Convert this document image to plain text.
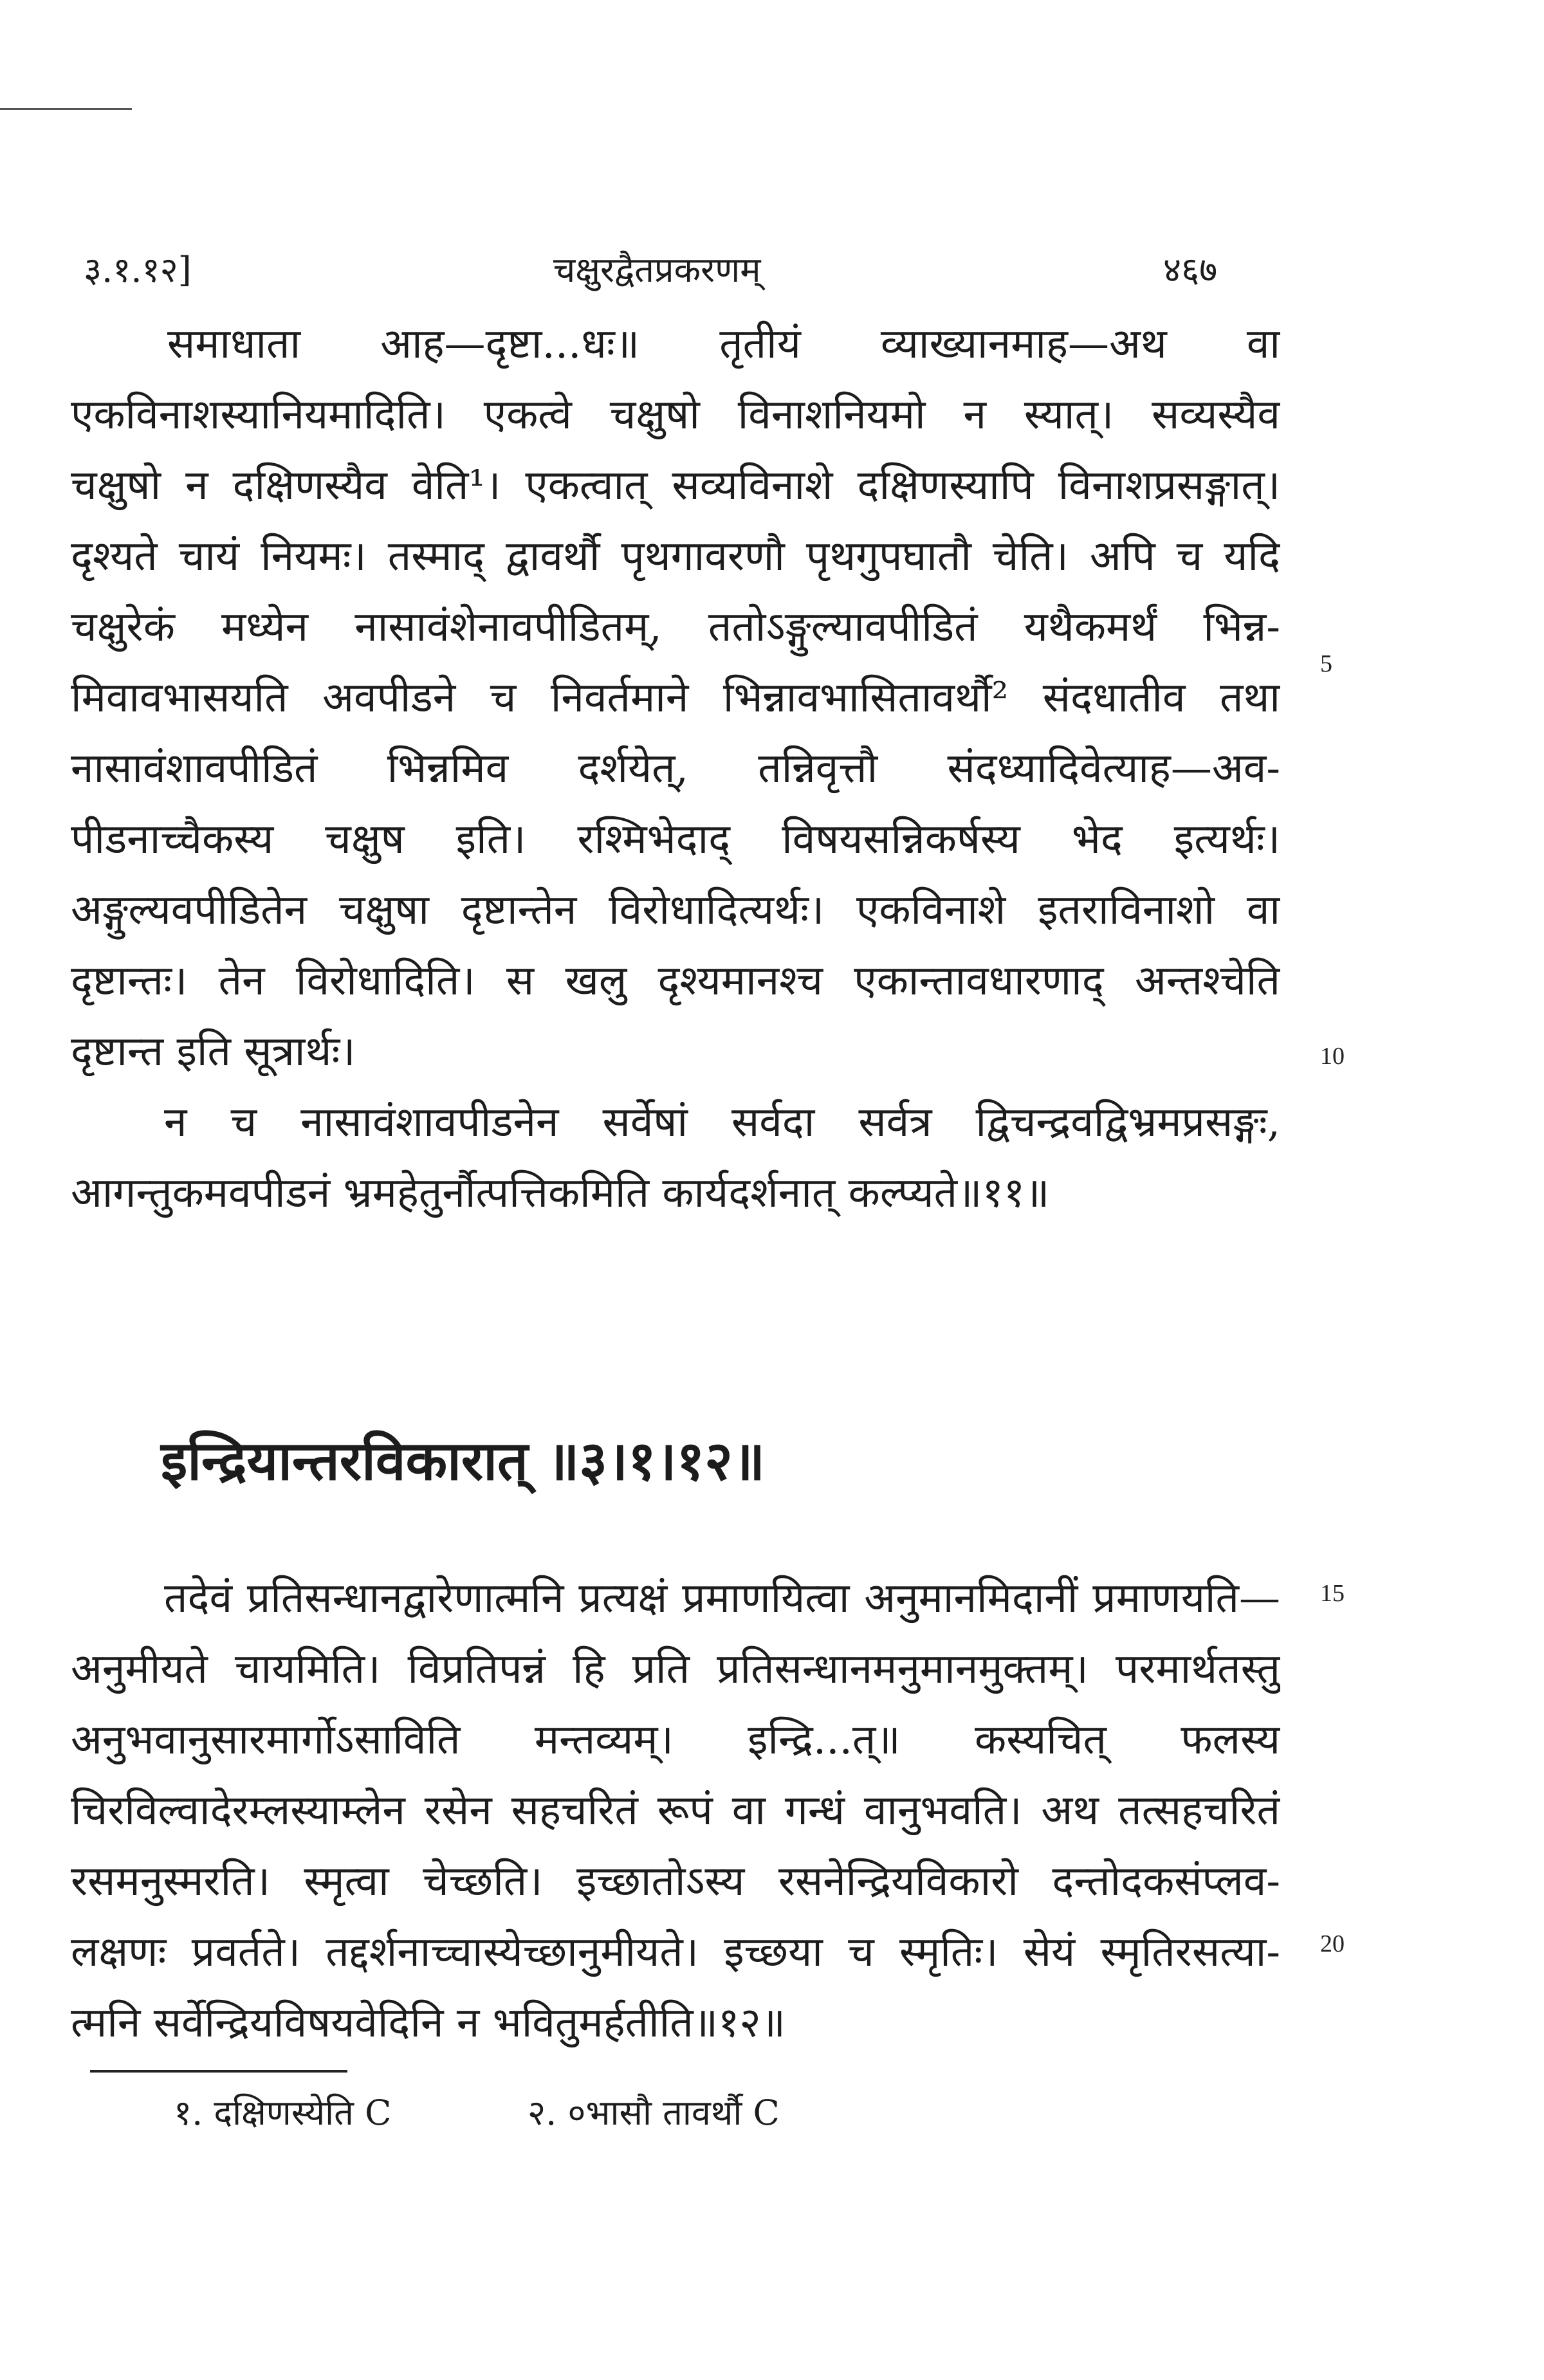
३.१.१२]	चक्षुरद्वैतप्रकरणम्	४६७
समाधाता आह—दृष्टा...धः॥ तृतीयं व्याख्यानमाह—अथ वा
एकविनाशस्यानियमादिति। एकत्वे चक्षुषो विनाशनियमो न स्यात्। सव्यस्यैव
चक्षुषो न दक्षिणस्यैव वेति¹। एकत्वात् सव्यविनाशे दक्षिणस्यापि विनाशप्रसङ्गात्।
दृश्यते चायं नियमः। तस्माद् द्वावर्थौ पृथगावरणौ पृथगुपघातौ चेति। अपि च यदि
चक्षुरेकं मध्येन नासावंशेनावपीडितम्, ततोऽङ्गुल्यावपीडितं यथैकमर्थं भिन्न-
मिवावभासयति अवपीडने च निवर्तमाने भिन्नावभासितावर्थौ² संदधातीव तथा
नासावंशावपीडितं भिन्नमिव दर्शयेत्, तन्निवृत्तौ संदध्यादिवेत्याह—अव-
पीडनाच्चैकस्य चक्षुष इति। रश्मिभेदाद् विषयसन्निकर्षस्य भेद इत्यर्थः।
अङ्गुल्यवपीडितेन चक्षुषा दृष्टान्तेन विरोधादित्यर्थः। एकविनाशे इतराविनाशो वा
दृष्टान्तः। तेन विरोधादिति। स खलु दृश्यमानश्च एकान्तावधारणाद् अन्तश्चेति
दृष्टान्त इति सूत्रार्थः।
न च नासावंशावपीडनेन सर्वेषां सर्वदा सर्वत्र द्विचन्द्रवद्विभ्रमप्रसङ्गः,
आगन्तुकमवपीडनं भ्रमहेतुर्नौत्पत्तिकमिति कार्यदर्शनात् कल्प्यते॥११॥
इन्द्रियान्तरविकारात् ॥३।१।१२॥
तदेवं प्रतिसन्धानद्वारेणात्मनि प्रत्यक्षं प्रमाणयित्वा अनुमानमिदानीं प्रमाणयति—
अनुमीयते चायमिति। विप्रतिपन्नं हि प्रति प्रतिसन्धानमनुमानमुक्तम्। परमार्थतस्तु
अनुभवानुसारमार्गोऽसाविति मन्तव्यम्। इन्द्रि...त्॥ कस्यचित् फलस्य
चिरविल्वादेरम्लस्याम्लेन रसेन सहचरितं रूपं वा गन्धं वानुभवति। अथ तत्सहचरितं
रसमनुस्मरति। स्मृत्वा चेच्छति। इच्छातोऽस्य रसनेन्द्रियविकारो दन्तोदकसंप्लव-
लक्षणः प्रवर्तते। तद्दर्शनाच्चास्येच्छानुमीयते। इच्छया च स्मृतिः। सेयं स्मृतिरसत्या-
त्मनि सर्वेन्द्रियविषयवेदिनि न भवितुमर्हतीति॥१२॥
5
10
15
20
१. दक्षिणस्येति C	२. ०भासौ तावर्थौ C
